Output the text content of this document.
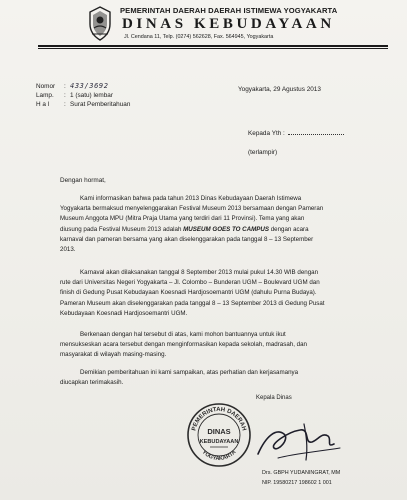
PEMERINTAH DAERAH DAERAH ISTIMEWA YOGYAKARTA
DINAS KEBUDAYAAN
Jl. Cendana 11, Telp. (0274) 562628, Fax. 564945, Yogyakarta
Nomor : 433/3692
Lamp. : 1 (satu) lembar
H a l : Surat Pemberitahuan
Yogyakarta, 29 Agustus 2013
Kepada Yth :
(terlampir)
Dengan hormat,
Kami informasikan bahwa pada tahun 2013 Dinas Kebudayaan Daerah Istimewa
Yogyakarta bermaksud menyelenggarakan Festival Museum 2013 bersamaan dengan Pameran
Museum Anggota MPU (Mitra Praja Utama yang terdiri dari 11 Provinsi). Tema yang akan
diusung pada Festival Museum 2013 adalah MUSEUM GOES TO CAMPUS dengan acara
karnaval dan pameran bersama yang akan diselenggarakan pada tanggal 8 – 13 September
2013.
Karnaval akan dilaksanakan tanggal 8 September 2013 mulai pukul 14.30 WIB dengan
rute dari Universitas Negeri Yogyakarta – Jl. Colombo – Bunderan UGM – Boulevard UGM dan
finish di Gedung Pusat Kebudayaan Koesnadi Hardjosoemantri UGM (dahulu Purna Budaya).
Pameran Museum akan diselenggarakan pada tanggal 8 – 13 September 2013 di Gedung Pusat
Kebudayaan Koesnadi Hardjosoemantri UGM.
Berkenaan dengan hal tersebut di atas, kami mohon bantuannya untuk ikut
mensukseskan acara tersebut dengan menginformasikan kepada sekolah, madrasah, dan
masyarakat di wilayah masing-masing.
Demikian pemberitahuan ini kami sampaikan, atas perhatian dan kerjasamanya
diucapkan terimakasih.
Kepala Dinas
PEMERINTAH DAERAH
YOGYAKARTA
DINAS
KEBUDAYAAN
Drs. GBPH YUDANINGRAT, MM
NIP. 19580217 198602 1 001
